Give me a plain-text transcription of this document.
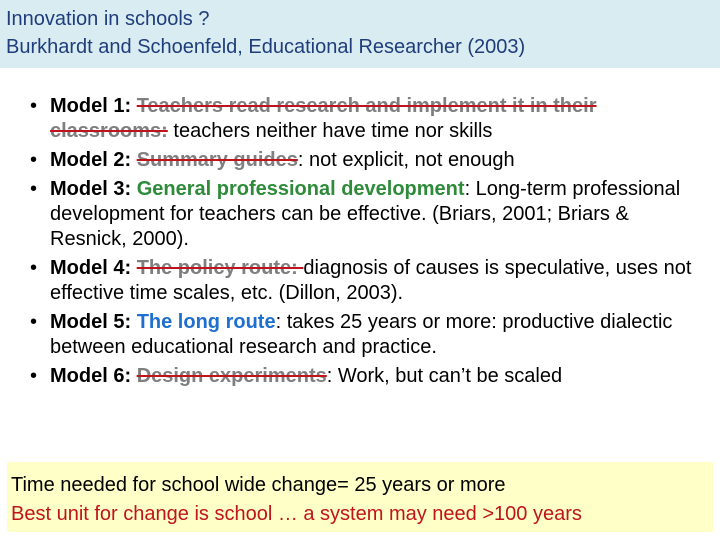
Innovation in schools ?
Burkhardt and Schoenfeld, Educational Researcher (2003)
• Model 1: Teachers read research and implement it in their classrooms: teachers neither have time nor skills
• Model 2: Summary guides: not explicit, not enough
• Model 3: General professional development: Long-term professional development for teachers can be effective. (Briars, 2001; Briars & Resnick, 2000).
• Model 4: The policy route: diagnosis of causes is speculative, uses not effective time scales, etc. (Dillon, 2003).
• Model 5: The long route: takes 25 years or more: productive dialectic between educational research and practice.
• Model 6: Design experiments: Work, but can’t be scaled
Time needed for school wide change= 25 years or more
Best unit for change is school … a system may need >100 years
